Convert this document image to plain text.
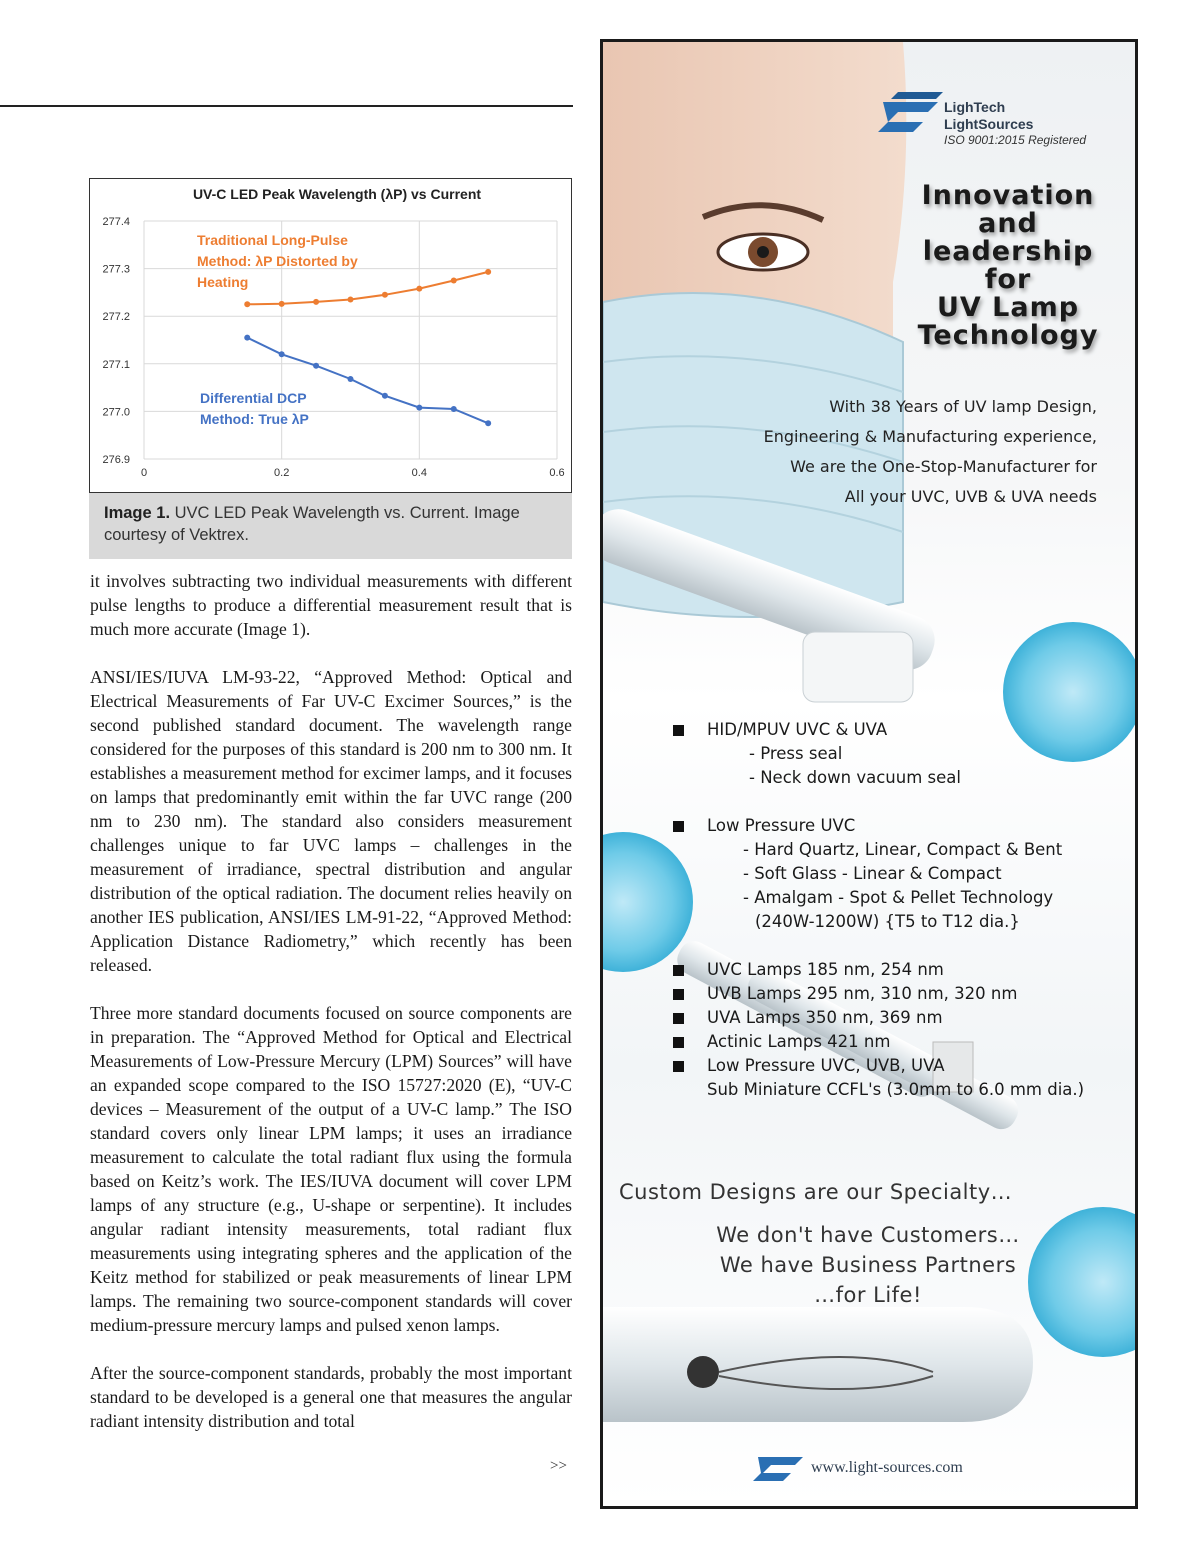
UV-C LED Peak Wavelength (λP) vs Current
277.4
277.3
277.2
277.1
277.0
276.9
0	0.2	0.4	0.6
Traditional Long-Pulse
Method: λP Distorted by
Heating
Differential DCP
Method: True λP
Image 1. UVC LED Peak Wavelength vs. Current. Image courtesy of Vektrex.

it involves subtracting two individual measurements with different pulse lengths to produce a differential measurement result that is much more accurate (Image 1).

ANSI/IES/IUVA LM-93-22, “Approved Method: Optical and Electrical Measurements of Far UV-C Excimer Sources,” is the second published standard document. The wavelength range considered for the purposes of this standard is 200 nm to 300 nm. It establishes a measurement method for excimer lamps, and it focuses on lamps that predominantly emit within the far UVC range (200 nm to 230 nm). The standard also considers measurement challenges unique to far UVC lamps – challenges in the measurement of irradiance, spectral distribution and angular distribution of the optical radiation. The document relies heavily on another IES publication, ANSI/IES LM-91-22, “Approved Method: Application Distance Radiometry,” which recently has been released.

Three more standard documents focused on source components are in preparation. The “Approved Method for Optical and Electrical Measurements of Low-Pressure Mercury (LPM) Sources” will have an expanded scope compared to the ISO 15727:2020 (E), “UV-C devices – Measurement of the output of a UV-C lamp.” The ISO standard covers only linear LPM lamps; it uses an irradiance measurement to calculate the total radiant flux using the formula based on Keitz’s work. The IES/IUVA document will cover LPM lamps of any structure (e.g., U-shape or serpentine). It includes angular radiant intensity measurements, total radiant flux measurements using integrating spheres and the application of the Keitz method for stabilized or peak measurements of linear LPM lamps. The remaining two source-component standards will cover medium-pressure mercury lamps and pulsed xenon lamps.

After the source-component standards, probably the most important standard to be developed is a general one that measures the angular radiant intensity distribution and total

>>
LighTech
LightSources
ISO 9001:2015 Registered
Innovation
and
leadership
for
UV Lamp
Technology
With 38 Years of UV lamp Design,
Engineering & Manufacturing experience,
We are the One-Stop-Manufacturer for
All your UVC, UVB & UVA needs
HID/MPUV UVC & UVA
- Press seal
- Neck down vacuum seal
Low Pressure UVC
- Hard Quartz, Linear, Compact & Bent
- Soft Glass - Linear & Compact
- Amalgam - Spot & Pellet Technology
(240W-1200W) {T5 to T12 dia.}
UVC Lamps 185 nm, 254 nm
UVB Lamps 295 nm, 310 nm, 320 nm
UVA Lamps 350 nm, 369 nm
Actinic Lamps 421 nm
Low Pressure UVC, UVB, UVA
Sub Miniature CCFL's (3.0mm to 6.0 mm dia.)
Custom Designs are our Specialty…
We don't have Customers…
We have Business Partners
…for Life!
www.light-sources.com
